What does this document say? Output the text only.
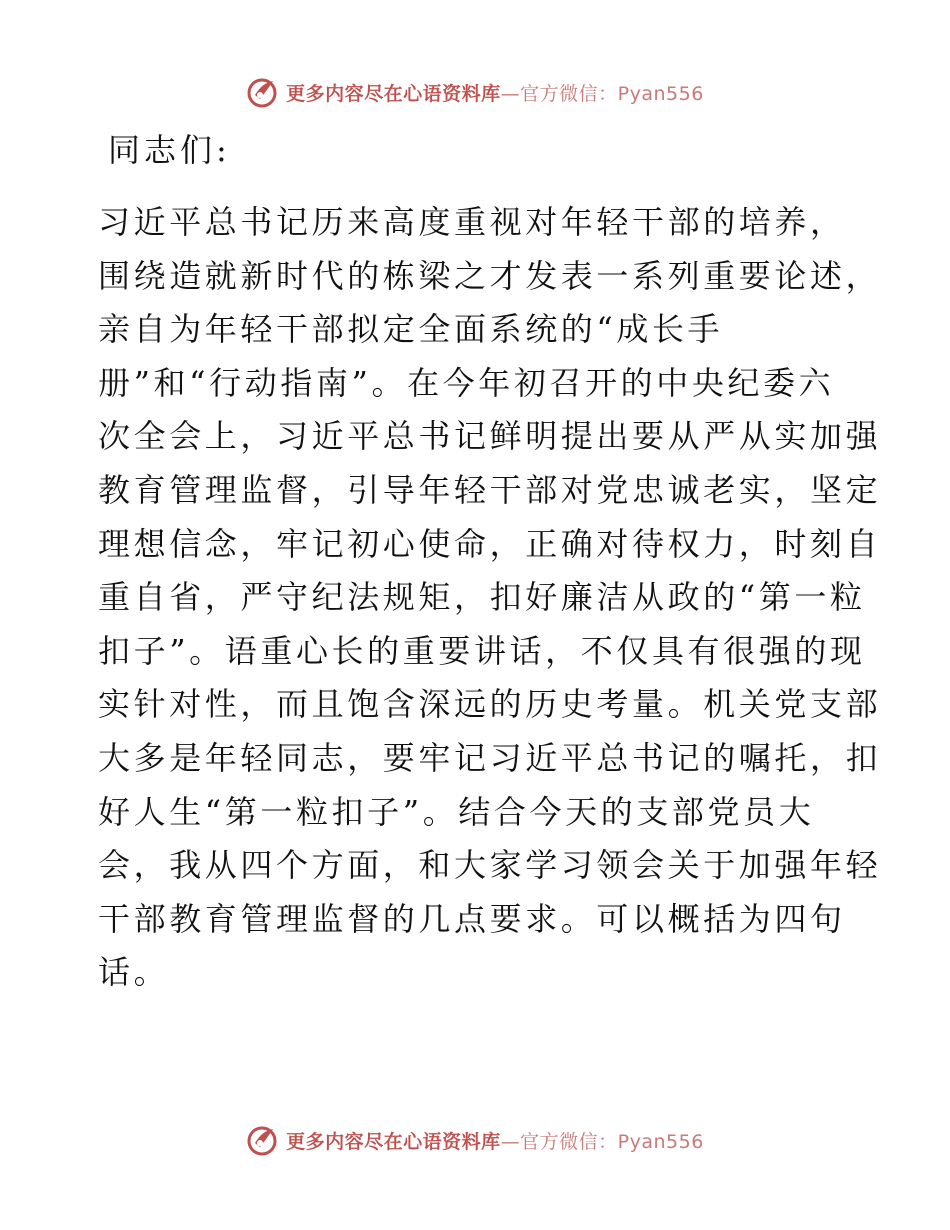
更多内容尽在心语资料库—官方微信：Pyan556

同志们:

习近平总书记历来高度重视对年轻干部的培养，
围绕造就新时代的栋梁之才发表一系列重要论述，
亲自为年轻干部拟定全面系统的“成长手
册”和“行动指南”。在今年初召开的中央纪委六
次全会上，习近平总书记鲜明提出要从严从实加强
教育管理监督，引导年轻干部对党忠诚老实，坚定
理想信念，牢记初心使命，正确对待权力，时刻自
重自省，严守纪法规矩，扣好廉洁从政的“第一粒
扣子”。语重心长的重要讲话，不仅具有很强的现
实针对性，而且饱含深远的历史考量。机关党支部
大多是年轻同志，要牢记习近平总书记的嘱托，扣
好人生“第一粒扣子”。结合今天的支部党员大
会，我从四个方面，和大家学习领会关于加强年轻
干部教育管理监督的几点要求。可以概括为四句
话。
更多内容尽在心语资料库—官方微信：Pyan556
